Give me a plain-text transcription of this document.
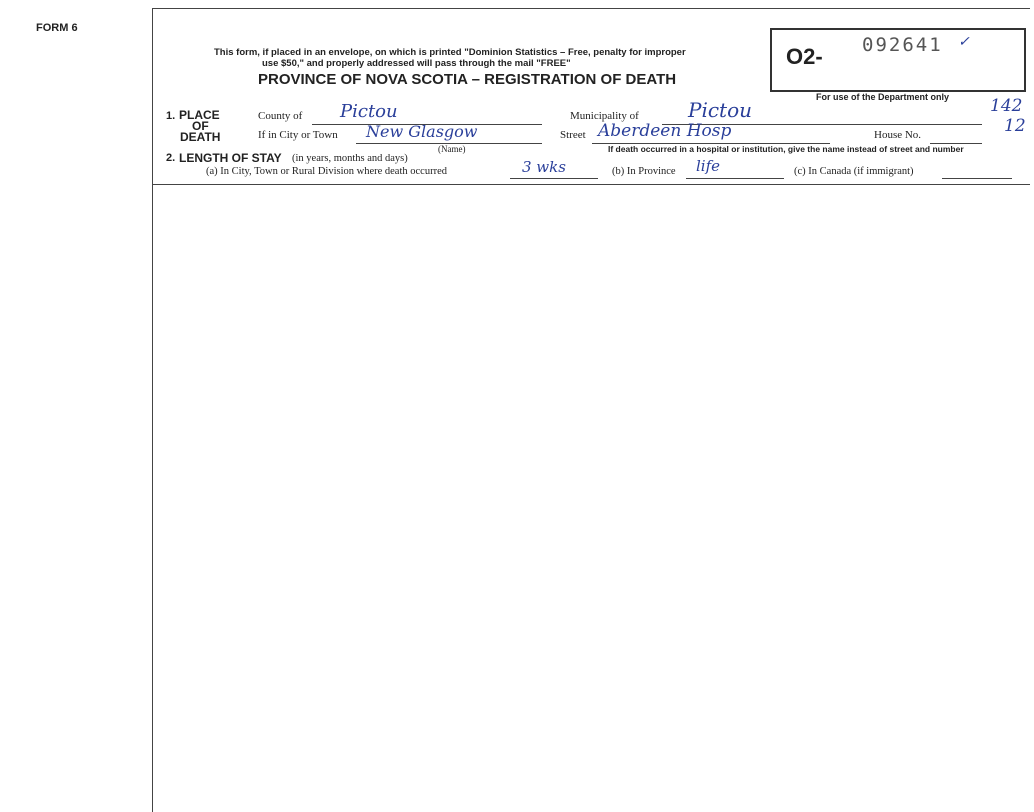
FORM 6
This form, if placed in an envelope, on which is printed "Dominion Statistics – Free, penalty for improper
use $50," and properly addressed will pass through the mail "FREE"
PROVINCE OF NOVA SCOTIA – REGISTRATION OF DEATH
O2- 092641 ✓
For use of the Department only 142
12
1. PLACE
OF
DEATH
County of Pictou	Municipality of Pictou
If in City or Town New Glasgow
(Name)
Street Aberdeen Hosp	House No.
If death occurred in a hospital or institution, give the name instead of street and number
2. LENGTH OF STAY (in years, months and days)
(a) In City, Town or Rural Division where death occurred	3 wks	(b) In Province life	(c) In Canada (if immigrant)
